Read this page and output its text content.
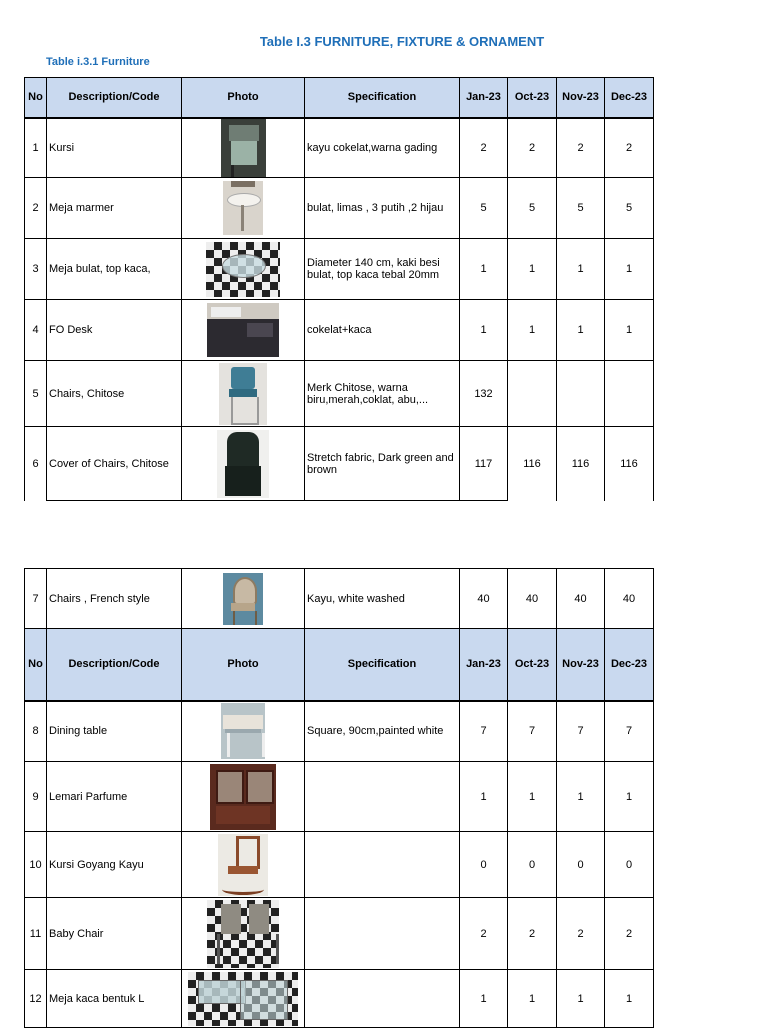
Table I.3 FURNITURE, FIXTURE & ORNAMENT
Table i.3.1 Furniture
No	Description/Code	Photo	Specification	Jan-23	Oct-23	Nov-23	Dec-23
1	Kursi		kayu cokelat,warna gading	2	2	2	2
2	Meja marmer		bulat, limas , 3 putih ,2 hijau	5	5	5	5
3	Meja bulat, top kaca,		Diameter 140 cm, kaki besi bulat, top kaca tebal 20mm	1	1	1	1
4	FO Desk		cokelat+kaca	1	1	1	1
5	Chairs, Chitose		Merk Chitose, warna biru,merah,coklat, abu,...	132			
6	Cover of Chairs, Chitose		Stretch fabric, Dark green and brown	117	116	116	116
7	Chairs , French style		Kayu, white washed	40	40	40	40
No	Description/Code	Photo	Specification	Jan-23	Oct-23	Nov-23	Dec-23
8	Dining table		Square, 90cm,painted white	7	7	7	7
9	Lemari Parfume			1	1	1	1
10	Kursi Goyang Kayu			0	0	0	0
11	Baby Chair			2	2	2	2
12	Meja kaca bentuk L			1	1	1	1
